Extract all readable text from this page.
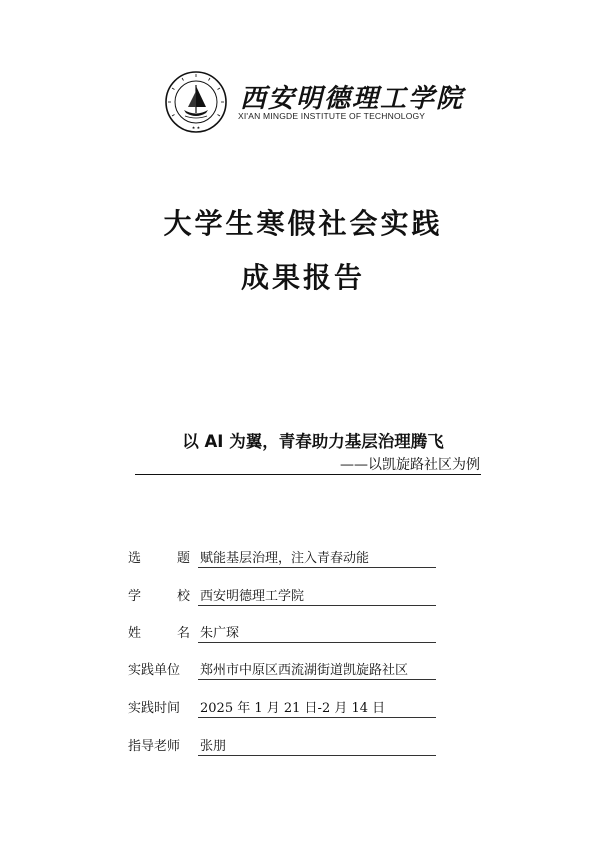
★ ★
西安明德理工学院
XI'AN MINGDE INSTITUTE OF TECHNOLOGY
大学生寒假社会实践
成果报告
以 AI 为翼，青春助力基层治理腾飞
——以凯旋路社区为例
选	题 赋能基层治理，注入青春动能
学	校 西安明德理工学院
姓	名 朱广琛
实践单位 郑州市中原区西流湖街道凯旋路社区
实践时间 2025 年 1 月 21 日-2 月 14 日
指导老师 张朋
